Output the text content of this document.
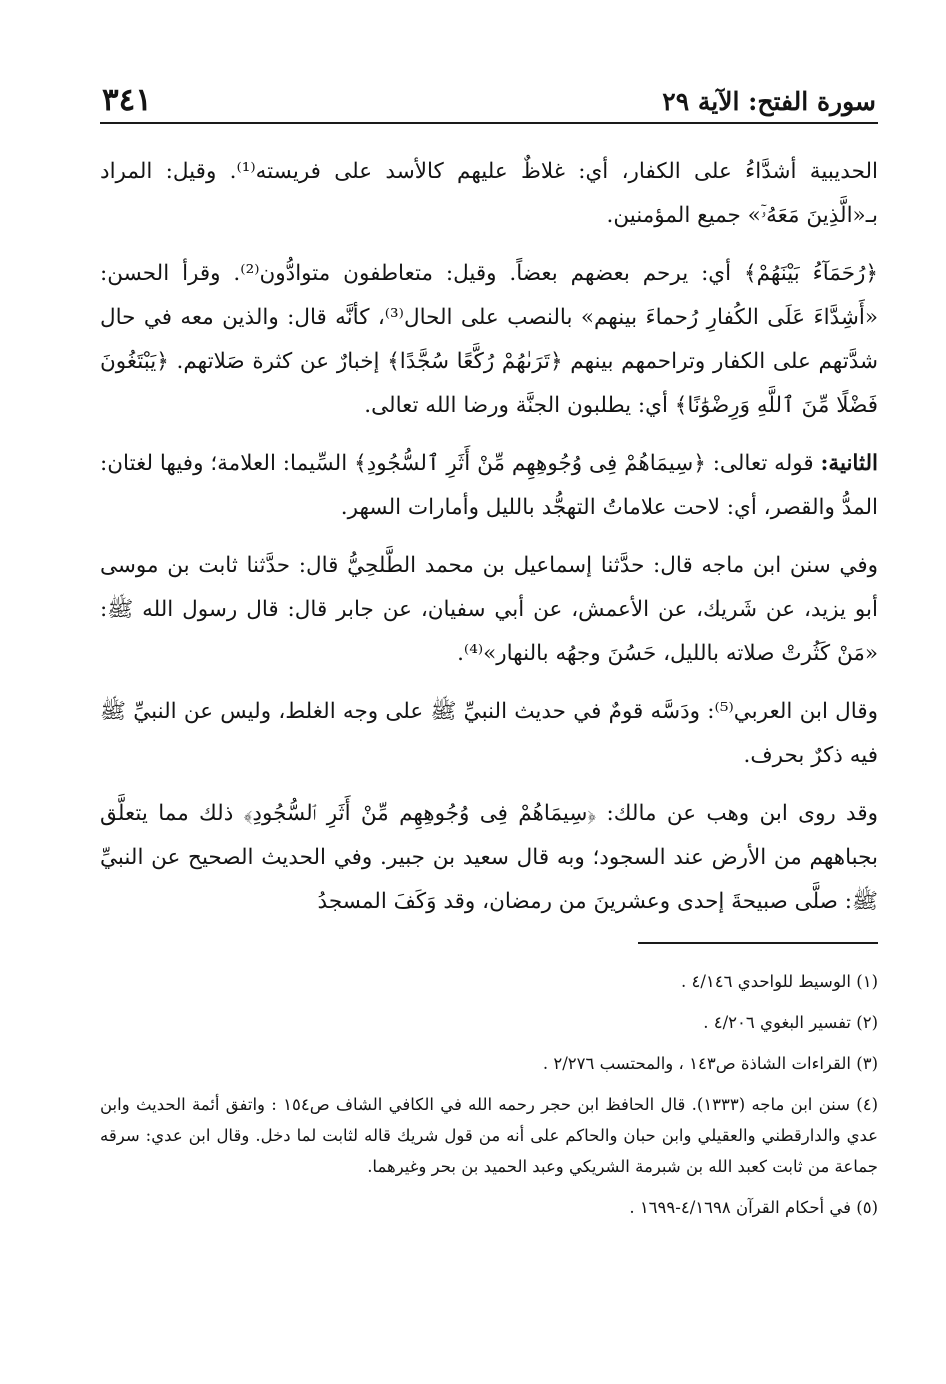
سورة الفتح: الآية ٢٩
٣٤١

الحديبية أشدَّاءُ على الكفار، أي: غلاظٌ عليهم كالأسد على فريسته⁽¹⁾. وقيل: المراد بـ«الَّذِينَ مَعَهُۥٓ» جميع المؤمنين.

﴿رُحَمَآءُ بَيْنَهُمْ﴾ أي: يرحم بعضهم بعضاً. وقيل: متعاطفون متوادُّون⁽²⁾. وقرأ الحسن: «أَشِدَّاءَ عَلَى الكُفارِ رُحماءَ بينهم» بالنصب على الحال⁽³⁾، كأنَّه قال: والذين معه في حال شدَّتهم على الكفار وتراحمهم بينهم ﴿تَرَىٰهُمْ رُكَّعًا سُجَّدًا﴾ إخبارٌ عن كثرة صَلاتهم. ﴿يَبْتَغُونَ فَضْلًا مِّنَ ٱللَّهِ وَرِضْوَٰنًا﴾ أي: يطلبون الجنَّة ورضا الله تعالى.

الثانية: قوله تعالى: ﴿سِيمَاهُمْ فِى وُجُوهِهِم مِّنْ أَثَرِ ٱلسُّجُودِ﴾ السِّيما: العلامة؛ وفيها لغتان: المدُّ والقصر، أي: لاحت علاماتُ التهجُّد بالليل وأمارات السهر.

وفي سنن ابن ماجه قال: حدَّثنا إسماعيل بن محمد الطَّلحِيُّ قال: حدَّثنا ثابت بن موسى أبو يزيد، عن شَريك، عن الأعمش، عن أبي سفيان، عن جابر قال: قال رسول الله ﷺ: «مَنْ كَثُرتْ صلاته بالليل، حَسُنَ وجهُه بالنهار»⁽⁴⁾.

وقال ابن العربي⁽⁵⁾: ودَسَّه قومٌ في حديث النبيِّ ﷺ على وجه الغلط، وليس عن النبيِّ ﷺ فيه ذكرٌ بحرف.

وقد روى ابن وهب عن مالك: ﴿سِيمَاهُمْ فِى وُجُوهِهِم مِّنْ أَثَرِ ٱلسُّجُودِ﴾ ذلك مما يتعلَّق بجباههم من الأرض عند السجود؛ وبه قال سعيد بن جبير. وفي الحديث الصحيح عن النبيِّ ﷺ: صلَّى صبيحةَ إحدى وعشرينَ من رمضان، وقد وَكَفَ المسجدُ

(١) الوسيط للواحدي ٤/١٤٦ .

(٢) تفسير البغوي ٤/٢٠٦ .

(٣) القراءات الشاذة ص١٤٣ ، والمحتسب ٢/٢٧٦ .

(٤) سنن ابن ماجه (١٣٣٣). قال الحافظ ابن حجر رحمه الله في الكافي الشاف ص١٥٤ : واتفق أئمة الحديث وابن عدي والدارقطني والعقيلي وابن حبان والحاكم على أنه من قول شريك قاله لثابت لما دخل. وقال ابن عدي: سرقه جماعة من ثابت كعبد الله بن شبرمة الشريكي وعبد الحميد بن بحر وغيرهما.

(٥) في أحكام القرآن ٤/١٦٩٨-١٦٩٩ .
